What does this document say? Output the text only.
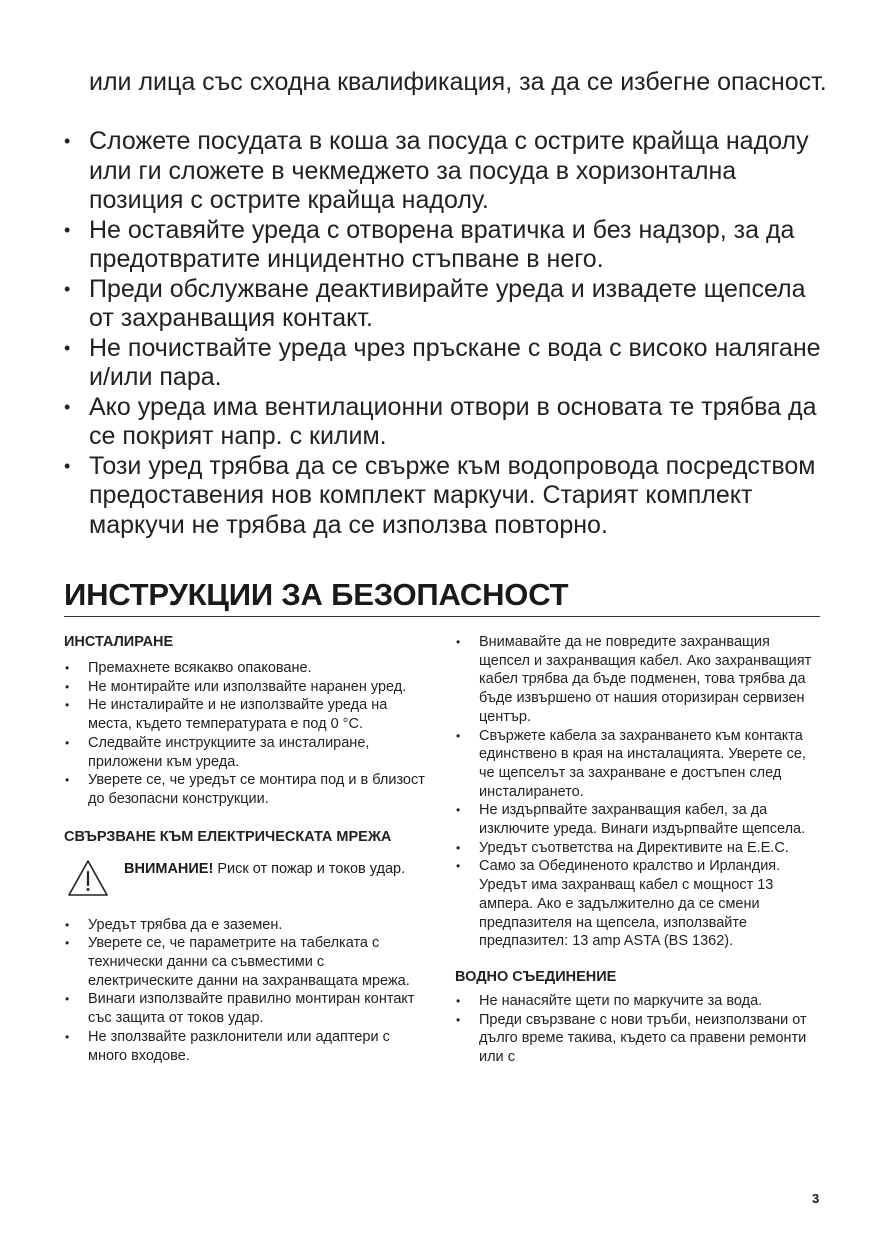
или лица със сходна квалификация, за да се избегне опасност.
• Сложете посудата в коша за посуда с острите крайща надолу или ги сложете в чекмеджето за посуда в хоризонтална позиция с острите крайща надолу.
• Не оставяйте уреда с отворена вратичка и без надзор, за да предотвратите инцидентно стъпване в него.
• Преди обслужване деактивирайте уреда и извадете щепсела от захранващия контакт.
• Не почиствайте уреда чрез пръскане с вода с високо налягане и/или пара.
• Ако уреда има вентилационни отвори в основата те трябва да се покрият напр. с килим.
• Този уред трябва да се свърже към водопровода посредством предоставения нов комплект маркучи. Старият комплект маркучи не трябва да се използва повторно.
ИНСТРУКЦИИ ЗА БЕЗОПАСНОСТ
ИНСТАЛИРАНЕ
• Премахнете всякакво опаковане.
• Не монтирайте или използвайте наранен уред.
• Не инсталирайте и не използвайте уреда на места, където температурата е под 0 °C.
• Следвайте инструкциите за инсталиране, приложени към уреда.
• Уверете се, че уредът се монтира под и в близост до безопасни конструкции.
СВЪРЗВАНЕ КЪМ ЕЛЕКТРИЧЕСКАТА МРЕЖА
ВНИМАНИЕ! Риск от пожар и токов удар.
• Уредът трябва да е заземен.
• Уверете се, че параметрите на табелката с технически данни са съвместими с електрическите данни на захранващата мрежа.
• Винаги използвайте правилно монтиран контакт със защита от токов удар.
• Не зползвайте разклонители или адаптери с много входове.
• Внимавайте да не повредите захранващия щепсел и захранващия кабел. Ако захранващият кабел трябва да бъде подменен, това трябва да бъде извършено от нашия оторизиран сервизен център.
• Свържете кабела за захранването към контакта единствено в края на инсталацията. Уверете се, че щепселът за захранване е достъпен след инсталирането.
• Не издърпвайте захранващия кабел, за да изключите уреда. Винаги издърпвайте щепсела.
• Уредът съответства на Директивите на Е.Е.С.
• Само за Обединеното кралство и Ирландия. Уредът има захранващ кабел с мощност 13 ампера. Ако е задължително да се смени предпазителя на щепсела, използвайте предпазител: 13 amp ASTA (BS 1362).
ВОДНО СЪЕДИНЕНИЕ
• Не нанасяйте щети по маркучите за вода.
• Преди свързване с нови тръби, неизползвани от дълго време такива, където са правени ремонти или с
3
